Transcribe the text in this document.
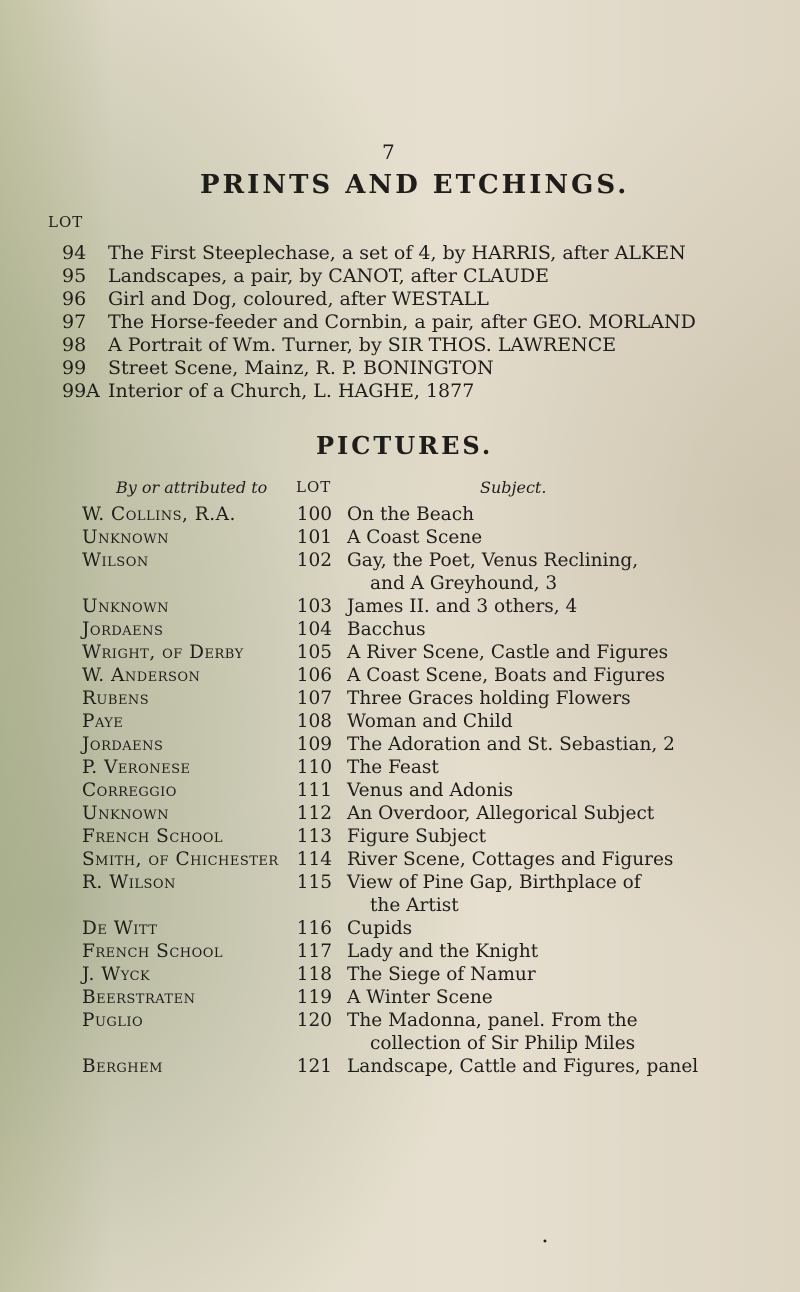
7
PRINTS AND ETCHINGS.
LOT
94 The First Steeplechase, a set of 4, by HARRIS, after ALKEN
95 Landscapes, a pair, by CANOT, after CLAUDE
96 Girl and Dog, coloured, after WESTALL
97 The Horse-feeder and Cornbin, a pair, after GEO. MORLAND
98 A Portrait of Wm. Turner, by SIR THOS. LAWRENCE
99 Street Scene, Mainz, R. P. BONINGTON
99A Interior of a Church, L. HAGHE, 1877
PICTURES.
By or attributed to LOT	Subject.
W. Collins, R.A.	100 On the Beach
Unknown	101 A Coast Scene
Wilson	102 Gay, the Poet, Venus Reclining,
and A Greyhound, 3
Unknown	103 James II. and 3 others, 4
Jordaens	104 Bacchus
Wright, of Derby	105 A River Scene, Castle and Figures
W. Anderson	106 A Coast Scene, Boats and Figures
Rubens	107 Three Graces holding Flowers
Paye	108 Woman and Child
Jordaens	109 The Adoration and St. Sebastian, 2
P. Veronese	110 The Feast
Correggio	111 Venus and Adonis
Unknown	112 An Overdoor, Allegorical Subject
French School	113 Figure Subject
Smith, of Chichester 114 River Scene, Cottages and Figures
R. Wilson	115 View of Pine Gap, Birthplace of
the Artist
De Witt	116 Cupids
French School	117 Lady and the Knight
J. Wyck	118 The Siege of Namur
Beerstraten	119 A Winter Scene
Puglio	120 The Madonna, panel. From the
collection of Sir Philip Miles
Berghem	121 Landscape, Cattle and Figures, panel
•
